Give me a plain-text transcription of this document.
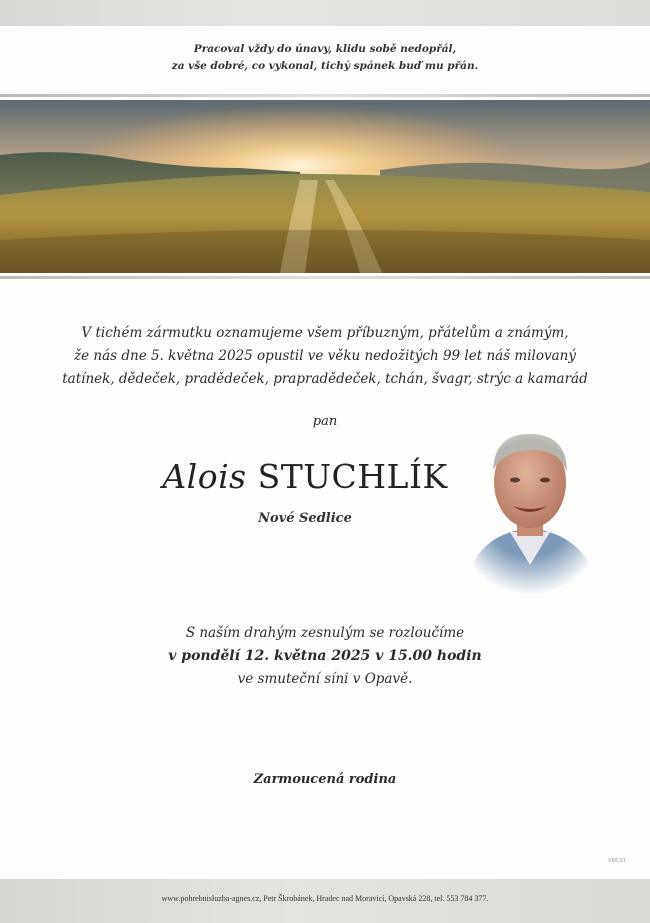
Pracoval vždy do únavy, klidu sobě nedopřál,
za vše dobré, co vykonal, tichý spánek buď mu přán.
V tichém zármutku oznamujeme všem příbuzným, přátelům a známým,
že nás dne 5. května 2025 opustil ve věku nedožitých 99 let náš milovaný
tatínek, dědeček, pradědeček, prapradědeček, tchán, švagr, strýc a kamarád
pan
Alois STUCHLÍK
Nové Sedlice
S naším drahým zesnulým se rozloučíme
v pondělí 12. května 2025 v 15.00 hodin
ve smuteční síni v Opavě.
Zarmoucená rodina
©MCST
www.pohrebnisluzba-agnes.cz, Petr Škrobánek, Hradec nad Moravicí, Opavská 228, tel. 553 784 377.
